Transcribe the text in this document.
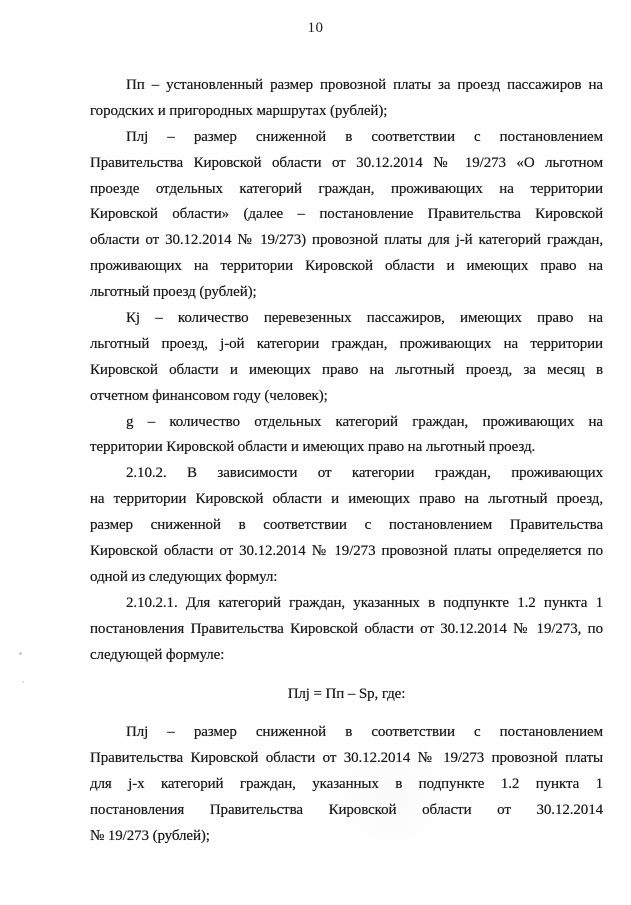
10
Пп – установленный размер провозной платы за проезд пассажиров на
городских и пригородных маршрутах (рублей);
Плj – размер сниженной в соответствии с постановлением
Правительства Кировской области от 30.12.2014 № 19/273 «О льготном
проезде отдельных категорий граждан, проживающих на территории
Кировской области» (далее – постановление Правительства Кировской
области от 30.12.2014 № 19/273) провозной платы для j-й категорий граждан,
проживающих на территории Кировской области и имеющих право на
льготный проезд (рублей);
Кj – количество перевезенных пассажиров, имеющих право на
льготный проезд, j-ой категории граждан, проживающих на территории
Кировской области и имеющих право на льготный проезд, за месяц в
отчетном финансовом году (человек);
g – количество отдельных категорий граждан, проживающих на
территории Кировской области и имеющих право на льготный проезд.
2.10.2. В зависимости от категории граждан, проживающих
на территории Кировской области и имеющих право на льготный проезд,
размер сниженной в соответствии с постановлением Правительства
Кировской области от 30.12.2014 № 19/273 провозной платы определяется по
одной из следующих формул:
2.10.2.1. Для категорий граждан, указанных в подпункте 1.2 пункта 1
постановления Правительства Кировской области от 30.12.2014 № 19/273, по
следующей формуле:
Плj = Пп – Sp, где:
Плj – размер сниженной в соответствии с постановлением
Правительства Кировской области от 30.12.2014 № 19/273 провозной платы
для j-х категорий граждан, указанных в подпункте 1.2 пункта 1
постановления Правительства Кировской области от 30.12.2014
№ 19/273 (рублей);
